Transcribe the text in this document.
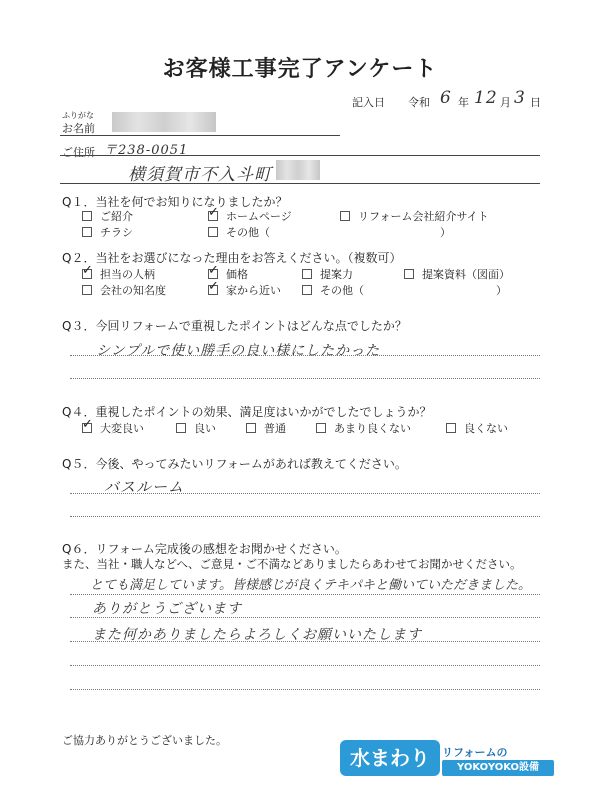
お客様工事完了アンケート
記入日 令和 6 年 12 月 3 日
ふりがな
お名前
ご住所 〒238-0051
横須賀市不入斗町
Q１．当社を何でお知りになりましたか？
ご紹介 ✓	ホームページ	リフォーム会社紹介サイト
チラシ	その他（	）
Q２．当社をお選びになった理由をお答えください。（複数可）
✓担当の人柄 ✓	価格	提案力	提案資料（図面）
会社の知名度 ✓	家から近い	その他（	）
Q３．今回リフォームで重視したポイントはどんな点でしたか？
シンプルで使い勝手の良い様にしたかった
Q４．重視したポイントの効果、満足度はいかがでしたでしょうか？
✓大変良い	良い	普通	あまり良くない	良くない
Q５．今後、やってみたいリフォームがあれば教えてください。
バスルーム
Q６．リフォーム完成後の感想をお聞かせください。
また、当社・職人などへ、ご意見・ご不満などありましたらあわせてお聞かせください。
とても満足しています。皆様感じが良くテキパキと働いていただきました。
ありがとうございます
また何かありましたらよろしくお願いいたします
ご協力ありがとうございました。
水まわり	リフォームの
YOKOYOKO設備
